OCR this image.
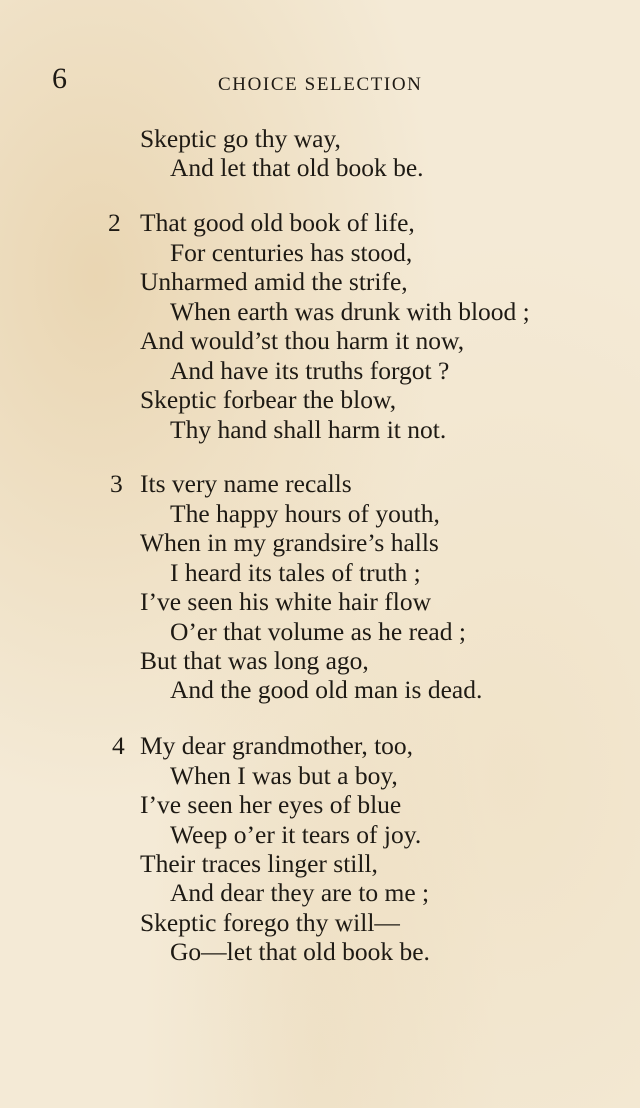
6	CHOICE SELECTION
Skeptic go thy way,
And let that old book be.
2 That good old book of life,
For centuries has stood,
Unharmed amid the strife,
When earth was drunk with blood ;
And would’st thou harm it now,
And have its truths forgot ?
Skeptic forbear the blow,
Thy hand shall harm it not.
3 Its very name recalls
The happy hours of youth,
When in my grandsire’s halls
I heard its tales of truth ;
I’ve seen his white hair flow
O’er that volume as he read ;
But that was long ago,
And the good old man is dead.
4 My dear grandmother, too,
When I was but a boy,
I’ve seen her eyes of blue
Weep o’er it tears of joy.
Their traces linger still,
And dear they are to me ;
Skeptic forego thy will—
Go—let that old book be.
